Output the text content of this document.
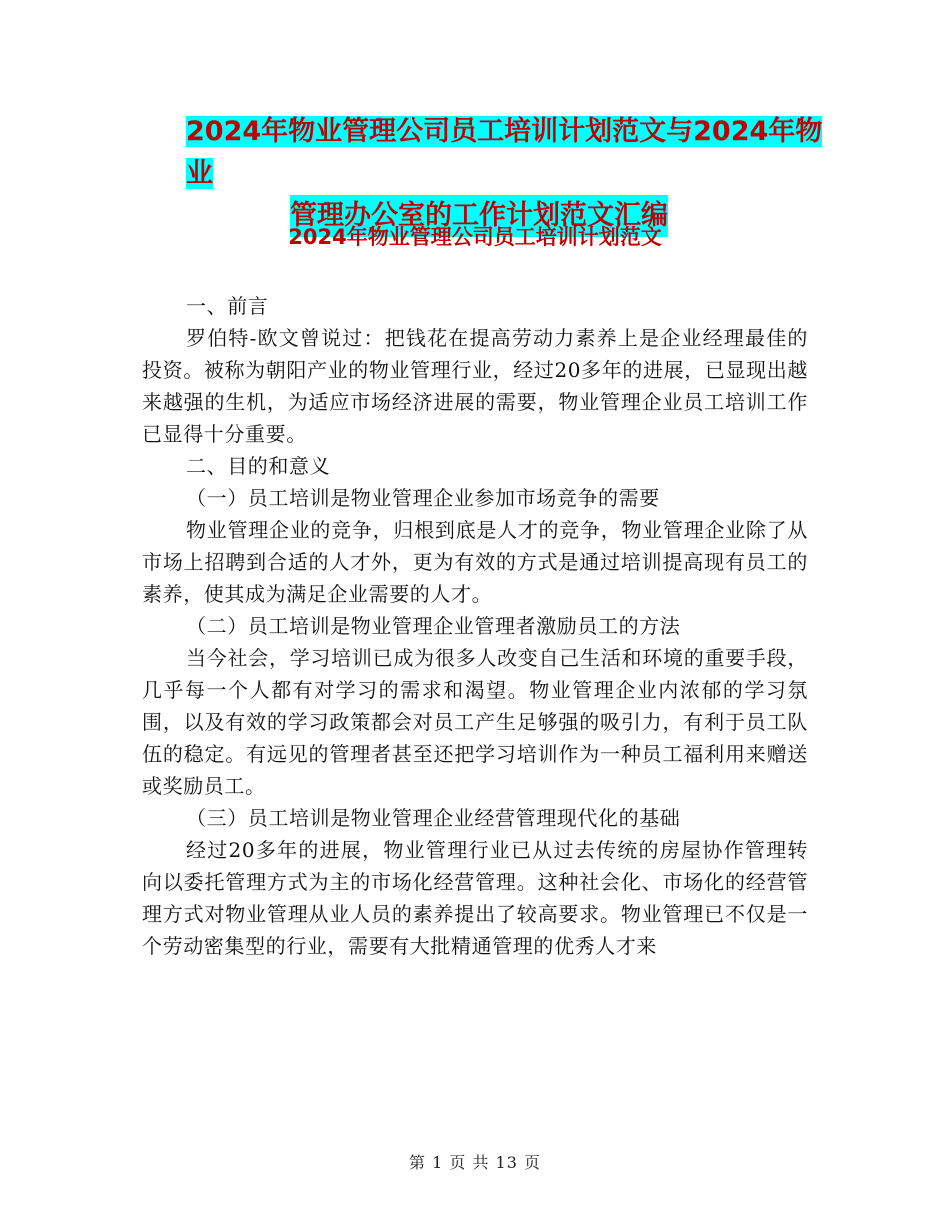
2024年物业管理公司员工培训计划范文与2024年物业
管理办公室的工作计划范文汇编
2024年物业管理公司员工培训计划范文

一、前言

罗伯特-欧文曾说过：把钱花在提高劳动力素养上是企业经理最佳的投资。被称为朝阳产业的物业管理行业，经过20多年的进展，已显现出越来越强的生机，为适应市场经济进展的需要，物业管理企业员工培训工作已显得十分重要。

二、目的和意义

（一）员工培训是物业管理企业参加市场竞争的需要

物业管理企业的竞争，归根到底是人才的竞争，物业管理企业除了从市场上招聘到合适的人才外，更为有效的方式是通过培训提高现有员工的素养，使其成为满足企业需要的人才。

（二）员工培训是物业管理企业管理者激励员工的方法

当今社会，学习培训已成为很多人改变自己生活和环境的重要手段，几乎每一个人都有对学习的需求和渴望。物业管理企业内浓郁的学习氛围，以及有效的学习政策都会对员工产生足够强的吸引力，有利于员工队伍的稳定。有远见的管理者甚至还把学习培训作为一种员工福利用来赠送或奖励员工。

（三）员工培训是物业管理企业经营管理现代化的基础

经过20多年的进展，物业管理行业已从过去传统的房屋协作管理转向以委托管理方式为主的市场化经营管理。这种社会化、市场化的经营管理方式对物业管理从业人员的素养提出了较高要求。物业管理已不仅是一个劳动密集型的行业，需要有大批精通管理的优秀人才来

第 1 页 共 13 页
